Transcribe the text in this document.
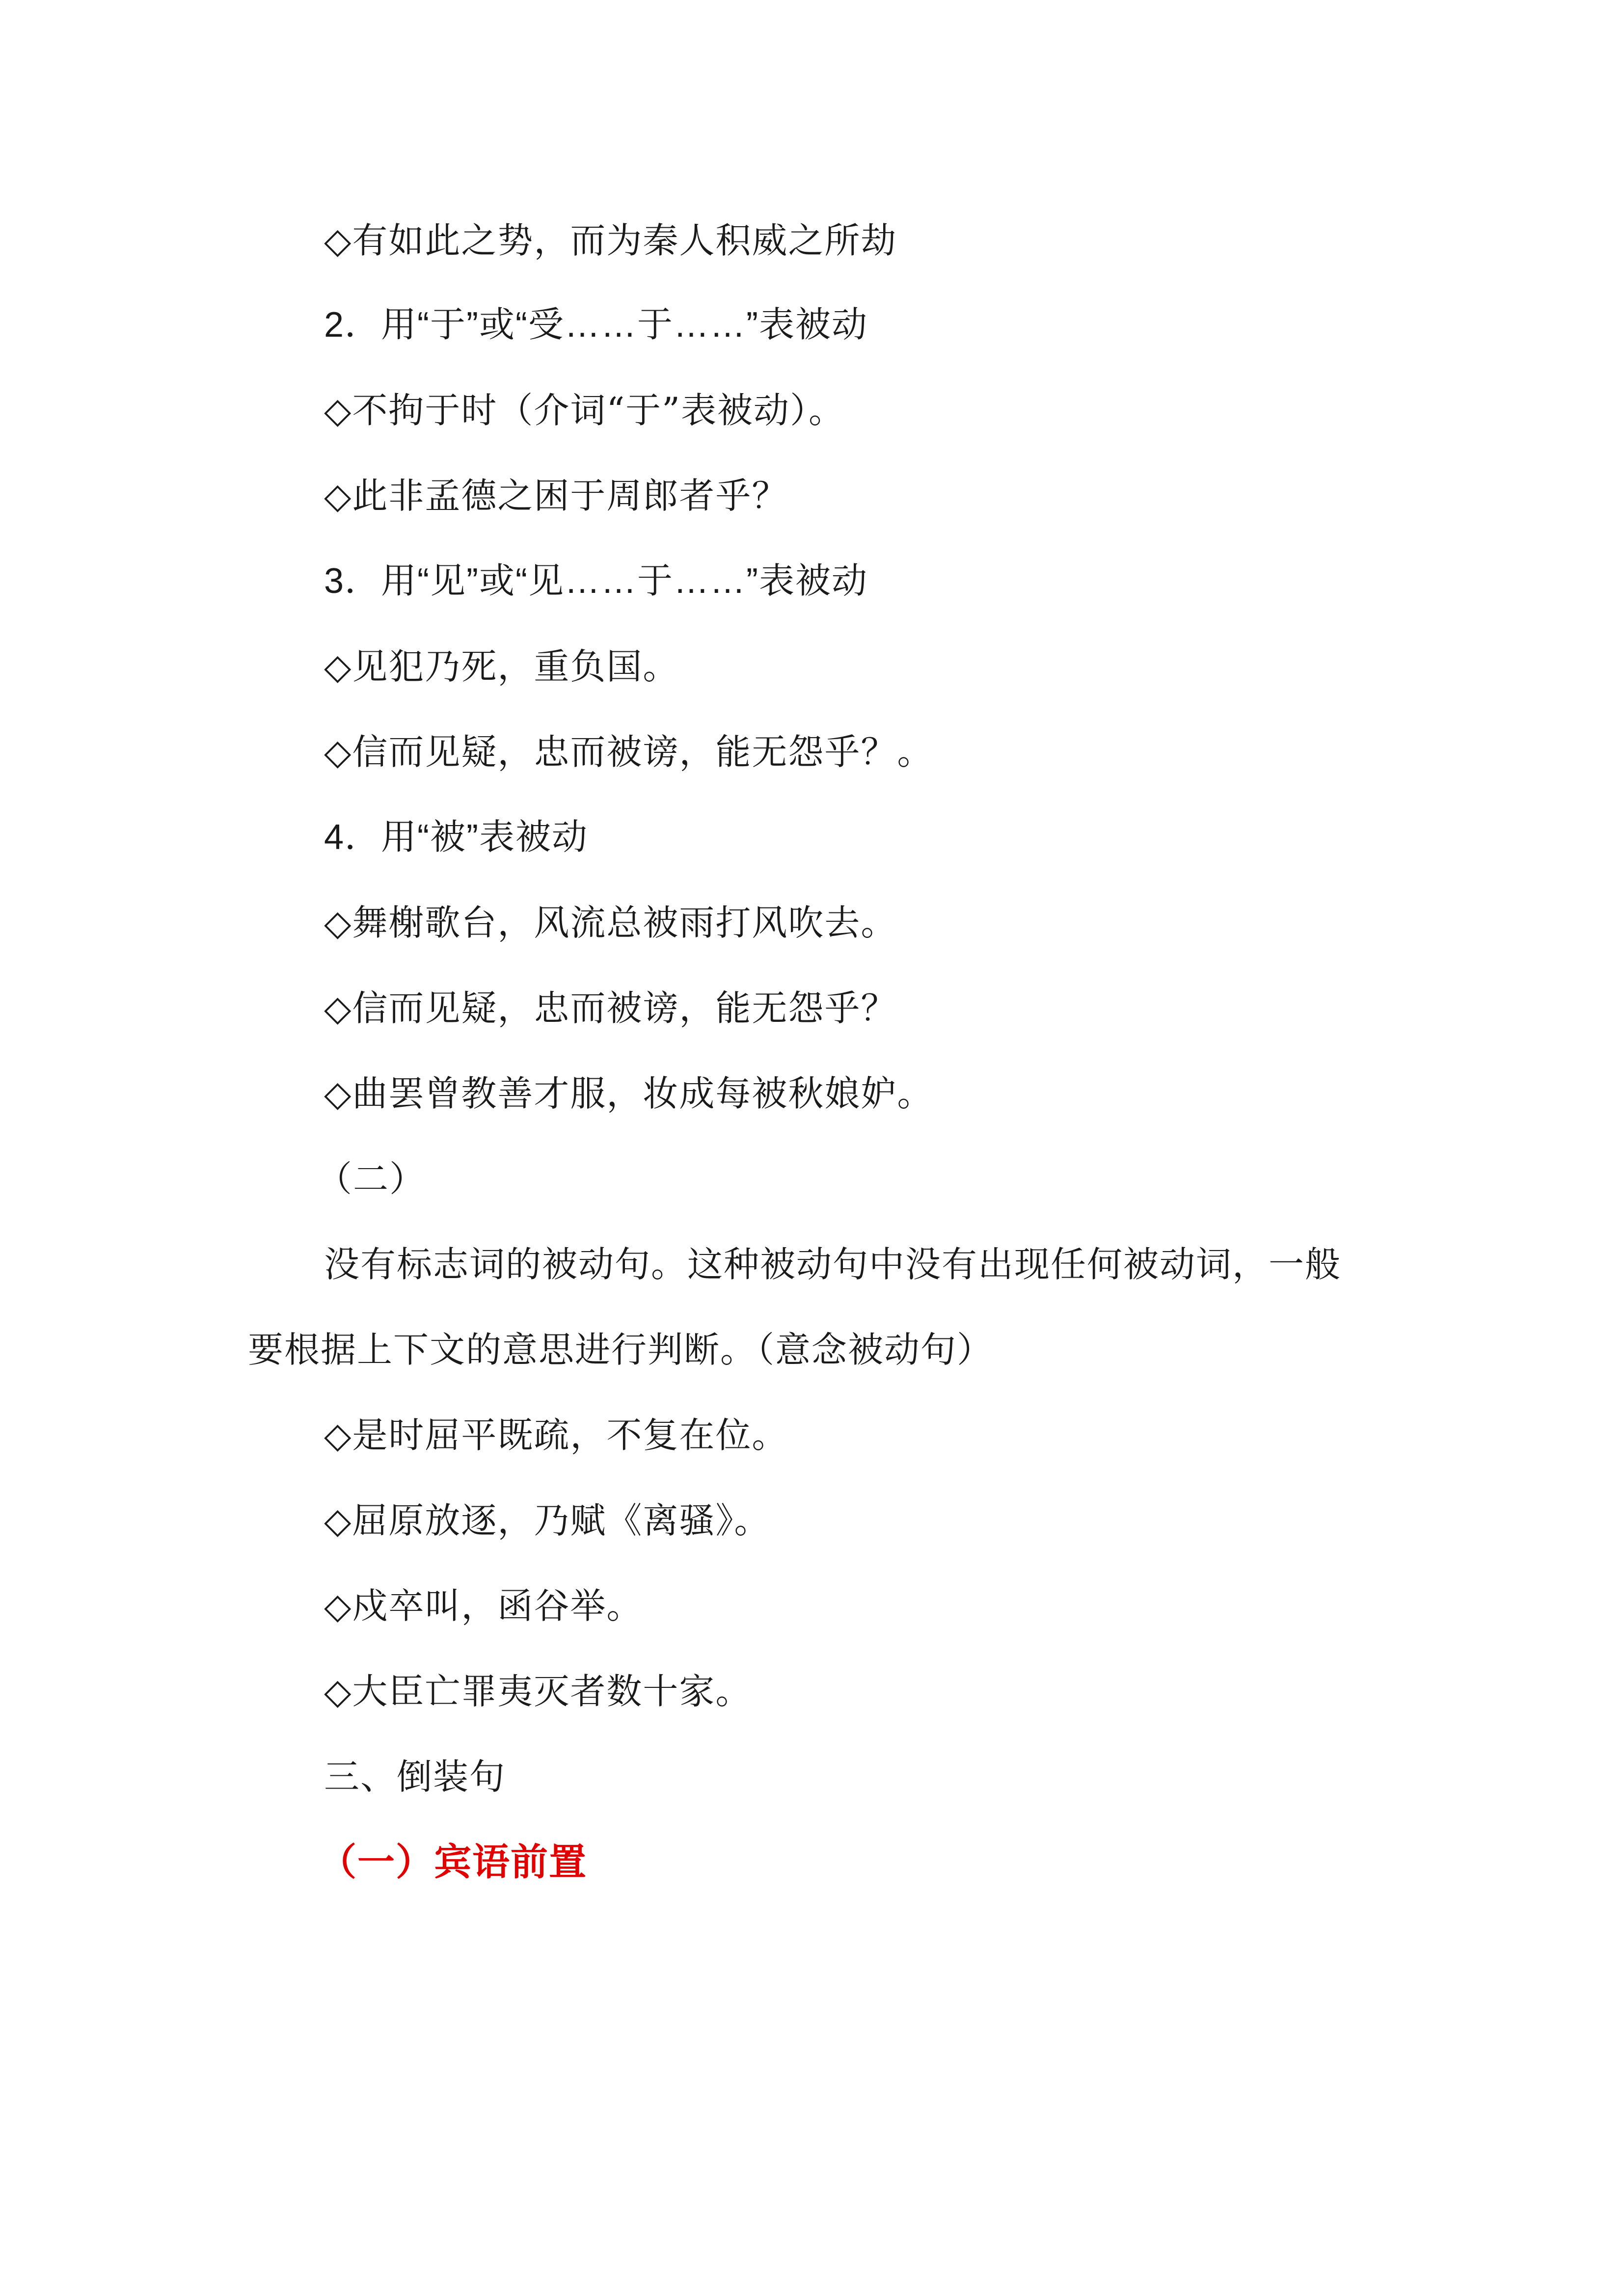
◇有如此之势，而为秦人积威之所劫
2．用“于”或“受……于……”表被动
◇不拘于时（介词“于”表被动）。
◇此非孟德之困于周郎者乎？
3．用“见”或“见……于……”表被动
◇见犯乃死，重负国。
◇信而见疑，忠而被谤，能无怨乎？。
4．用“被”表被动
◇舞榭歌台，风流总被雨打风吹去。
◇信而见疑，忠而被谤，能无怨乎？
◇曲罢曾教善才服，妆成每被秋娘妒。
（二）
没有标志词的被动句。这种被动句中没有出现任何被动词，一般
要根据上下文的意思进行判断。（意念被动句）
◇是时屈平既疏，不复在位。
◇屈原放逐，乃赋《离骚》。
◇戍卒叫，函谷举。
◇大臣亡罪夷灭者数十家。
三、倒装句
（一）宾语前置
